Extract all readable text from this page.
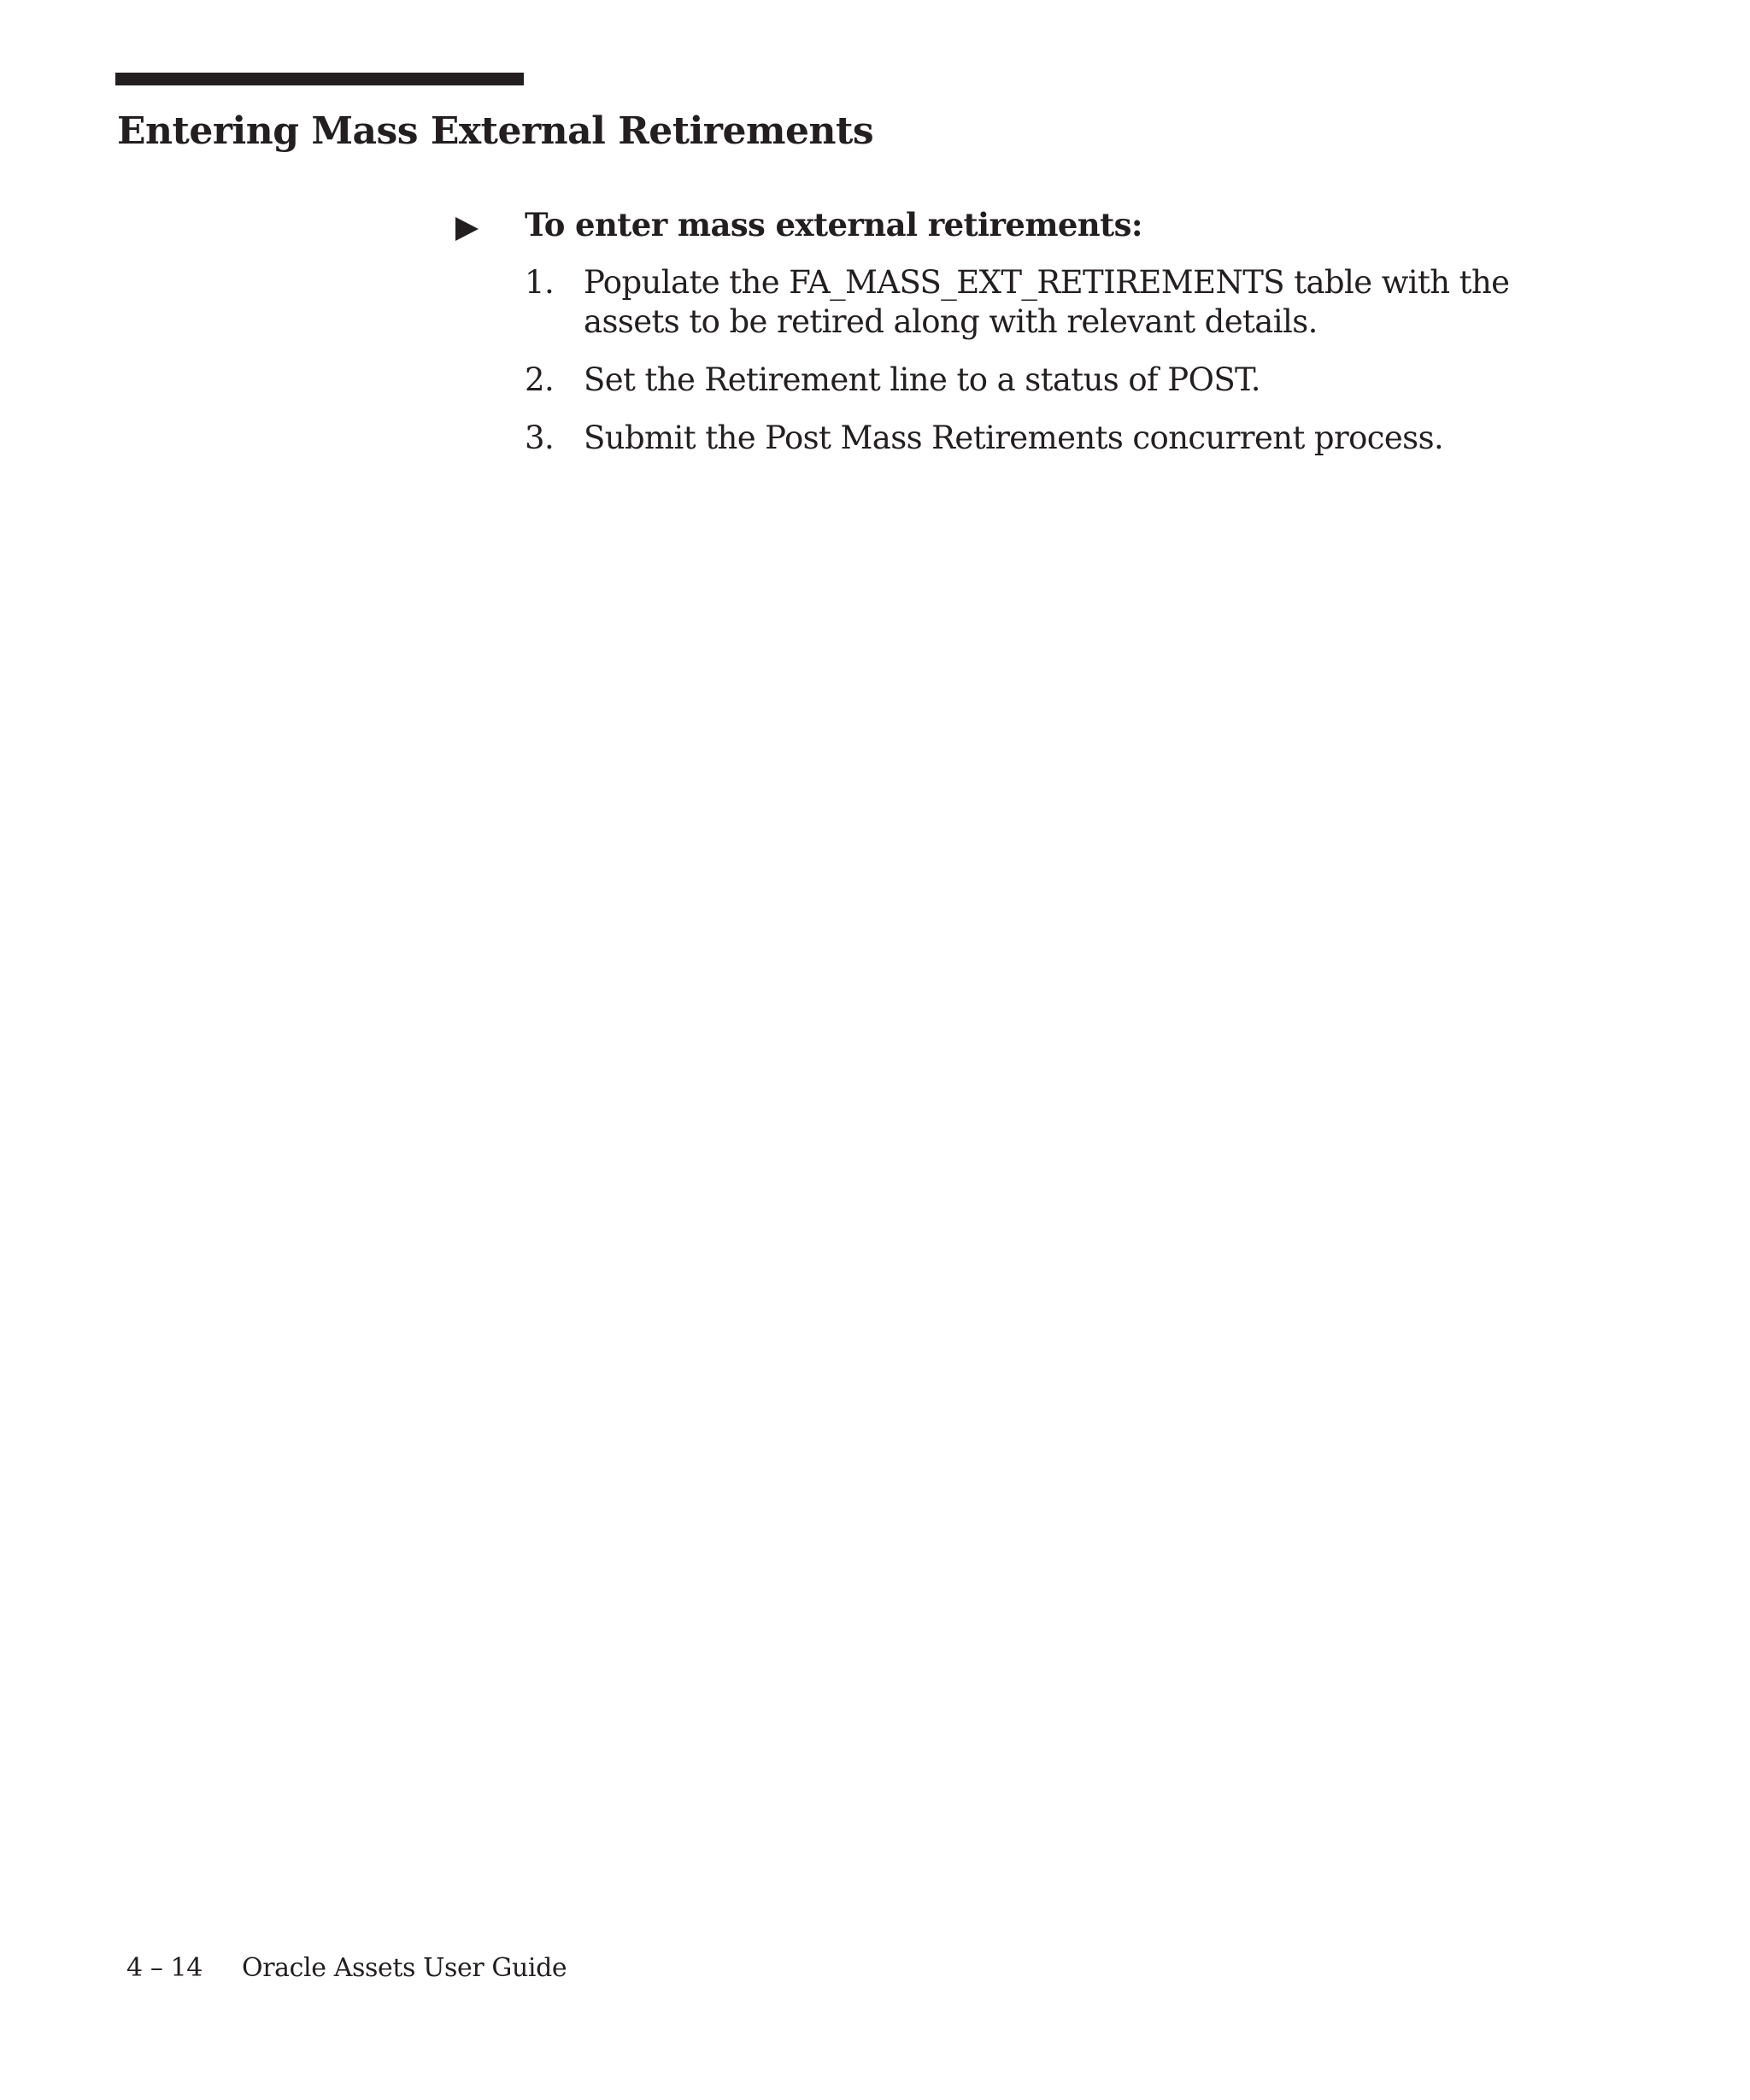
Entering Mass External Retirements
To enter mass external retirements:
1. Populate the FA_MASS_EXT_RETIREMENTS table with the assets to be retired along with relevant details.
2. Set the Retirement line to a status of POST.
3. Submit the Post Mass Retirements concurrent process.
4 – 14 Oracle Assets User Guide
